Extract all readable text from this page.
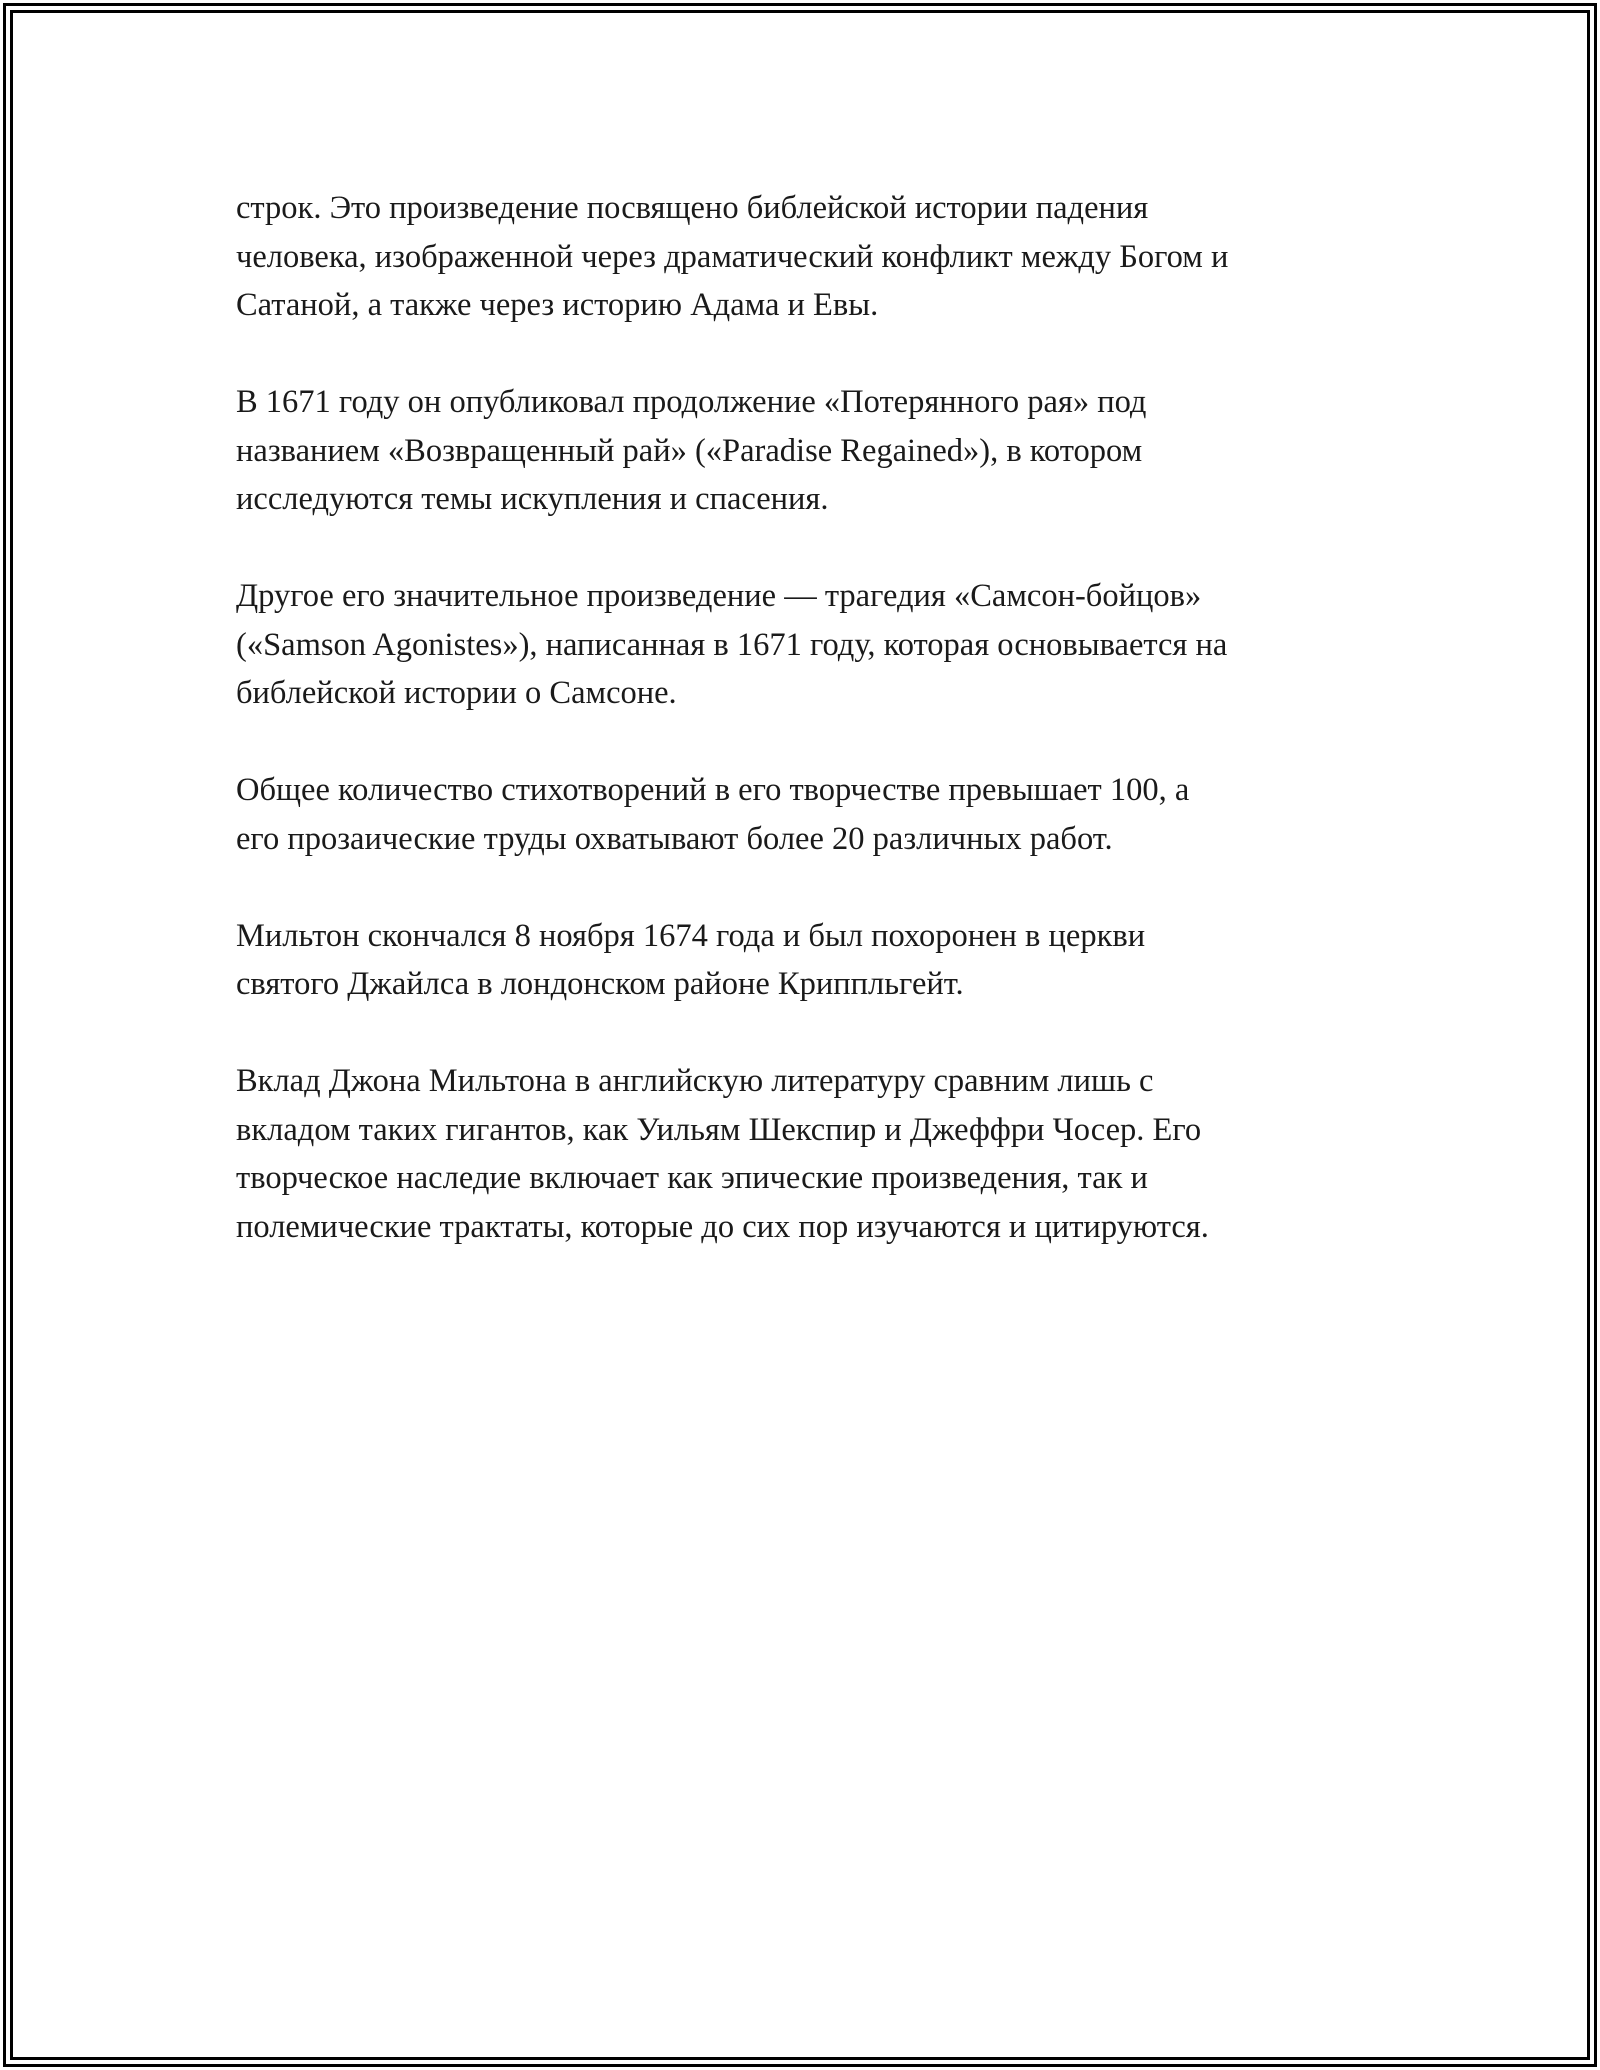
строк. Это произведение посвящено библейской истории падения
человека, изображенной через драматический конфликт между Богом и
Сатаной, а также через историю Адама и Евы.

В 1671 году он опубликовал продолжение «Потерянного рая» под
названием «Возвращенный рай» («Paradise Regained»), в котором
исследуются темы искупления и спасения.

Другое его значительное произведение — трагедия «Самсон-бойцов»
(«Samson Agonistes»), написанная в 1671 году, которая основывается на
библейской истории о Самсоне.

Общее количество стихотворений в его творчестве превышает 100, а
его прозаические труды охватывают более 20 различных работ.

Мильтон скончался 8 ноября 1674 года и был похоронен в церкви
святого Джайлса в лондонском районе Криппльгейт.

Вклад Джона Мильтона в английскую литературу сравним лишь с
вкладом таких гигантов, как Уильям Шекспир и Джеффри Чосер. Его
творческое наследие включает как эпические произведения, так и
полемические трактаты, которые до сих пор изучаются и цитируются.
